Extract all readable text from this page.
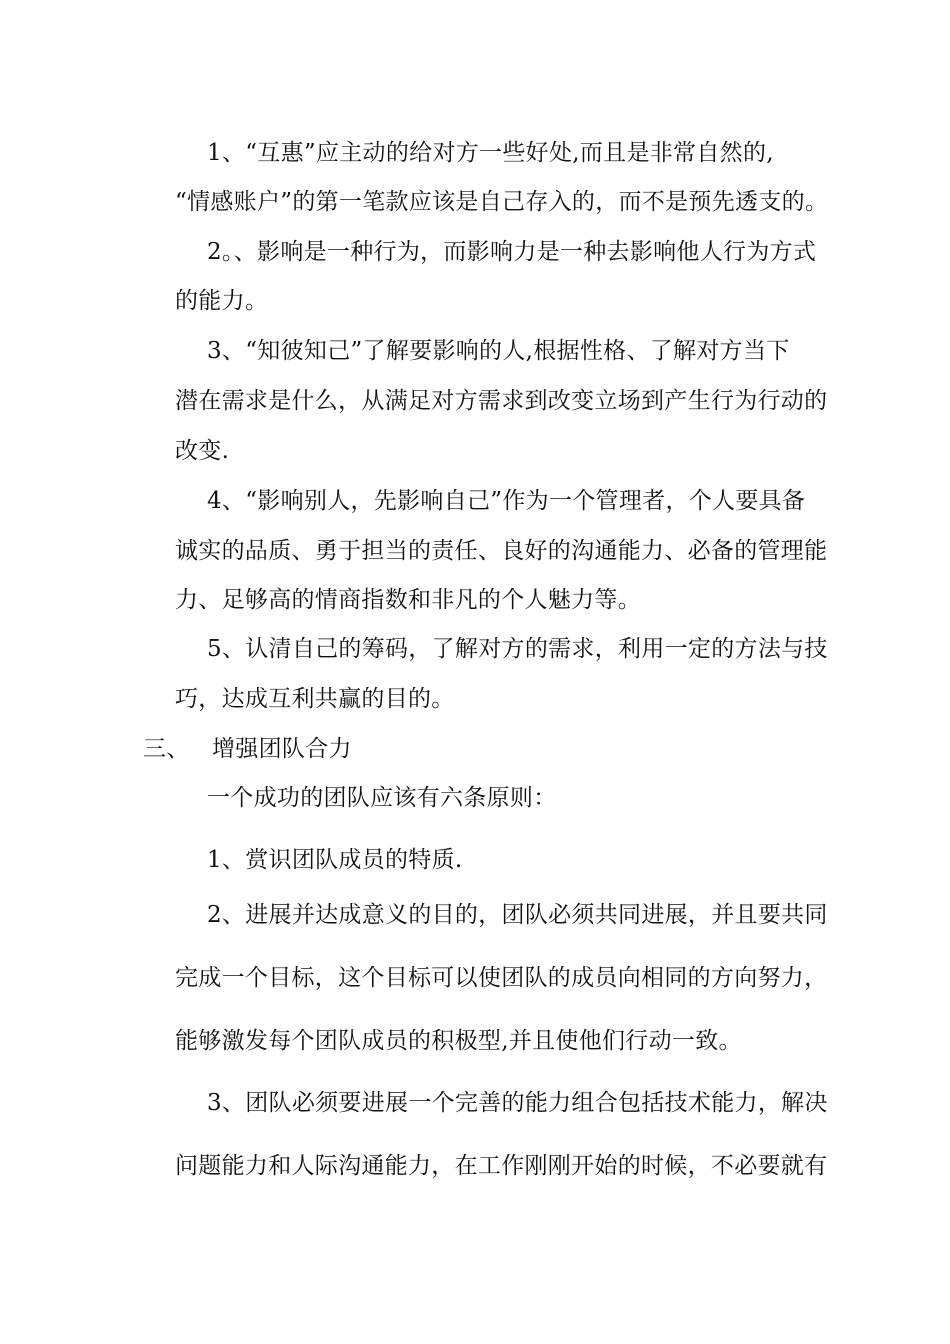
1、“互惠”应主动的给对方一些好处,而且是非常自然的,
“情感账户”的第一笔款应该是自己存入的，而不是预先透支的。
2。、影响是一种行为，而影响力是一种去影响他人行为方式
的能力。
3、“知彼知己”了解要影响的人,根据性格、了解对方当下
潜在需求是什么，从满足对方需求到改变立场到产生行为行动的
改变.
4、“影响别人，先影响自己”作为一个管理者，个人要具备
诚实的品质、勇于担当的责任、良好的沟通能力、必备的管理能
力、足够高的情商指数和非凡的个人魅力等。
5、认清自己的筹码，了解对方的需求，利用一定的方法与技
巧，达成互利共赢的目的。
三、 增强团队合力
一个成功的团队应该有六条原则：
1、赏识团队成员的特质.
2、进展并达成意义的目的，团队必须共同进展，并且要共同
完成一个目标，这个目标可以使团队的成员向相同的方向努力，
能够激发每个团队成员的积极型,并且使他们行动一致。
3、团队必须要进展一个完善的能力组合包括技术能力，解决
问题能力和人际沟通能力，在工作刚刚开始的时候，不必要就有
